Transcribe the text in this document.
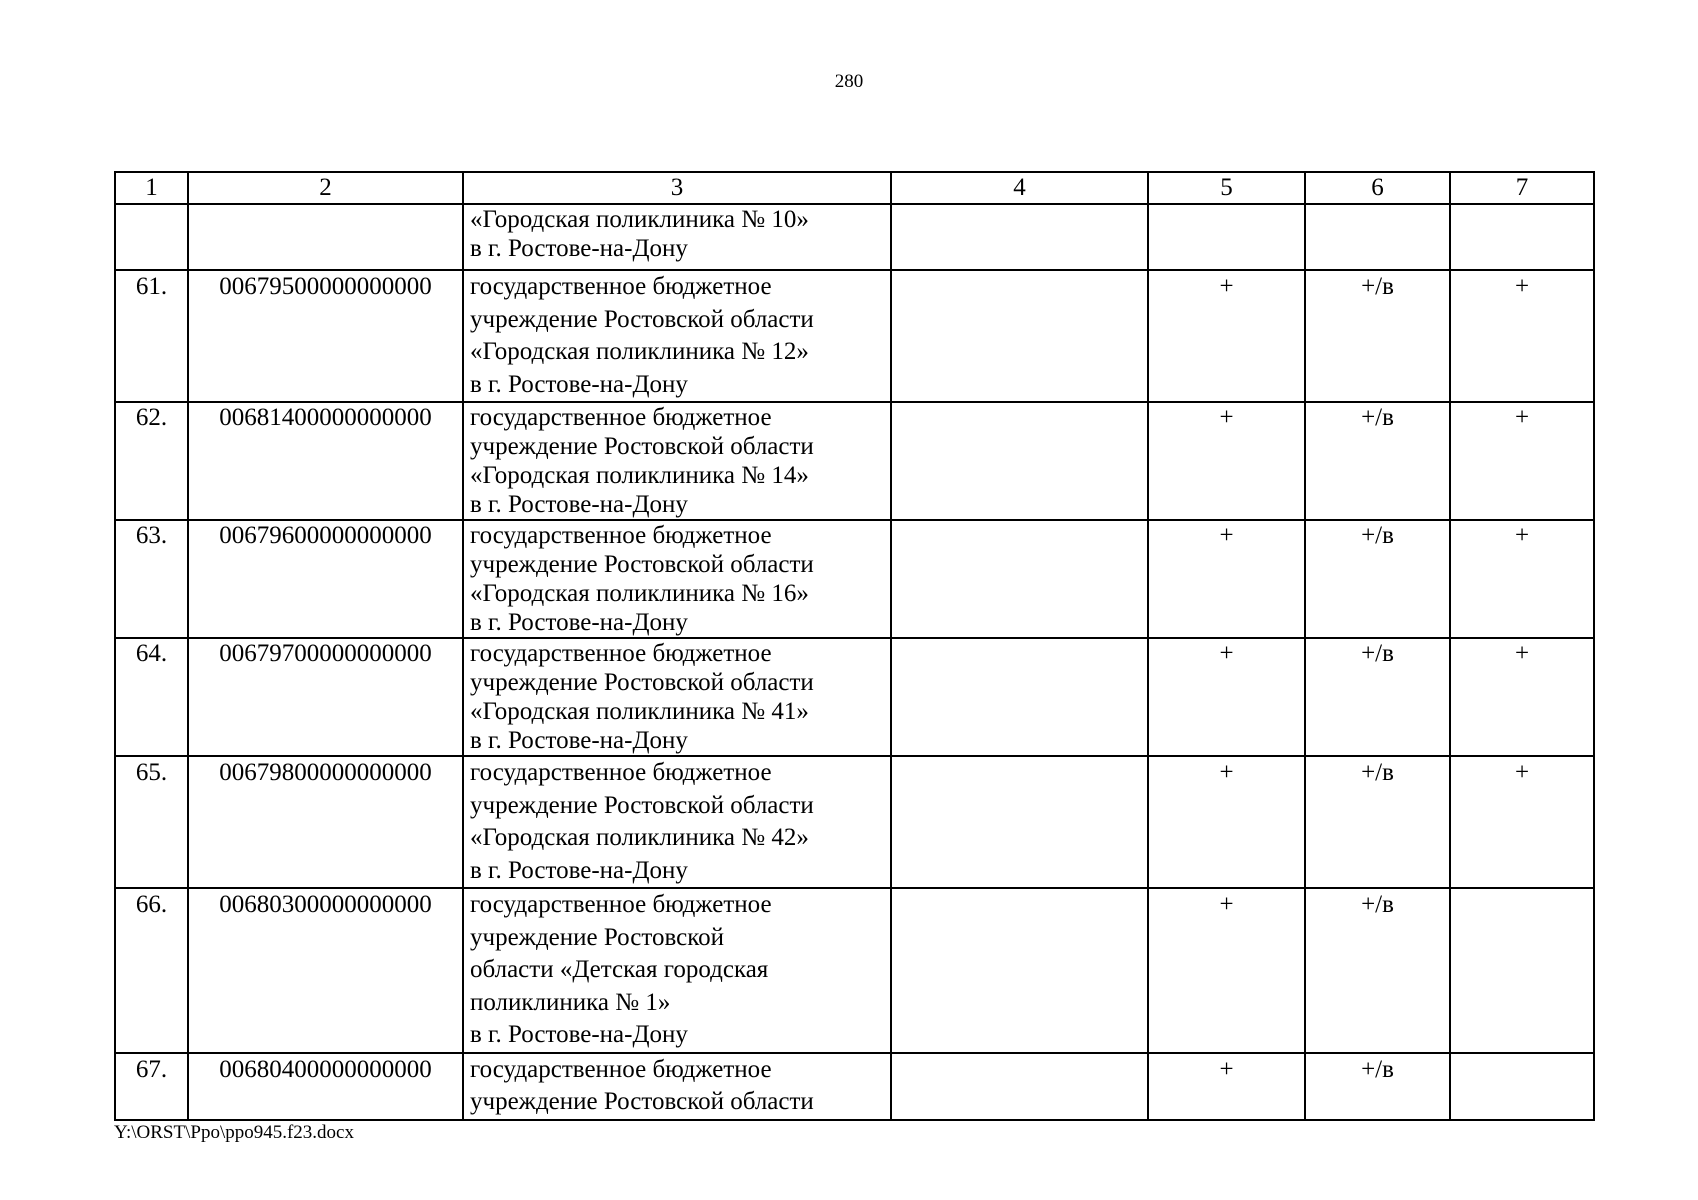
280
1	2	3	4	5	6	7

		«Городская поликлиника № 10»
в г. Ростове-на-Дону				

61.	00679500000000000	государственное бюджетное
учреждение Ростовской области
«Городская поликлиника № 12»
в г. Ростове-на-Дону		+	+/в	+
62.	00681400000000000	государственное бюджетное
учреждение Ростовской области
«Городская поликлиника № 14»
в г. Ростове-на-Дону		+	+/в	+
63.	00679600000000000	государственное бюджетное
учреждение Ростовской области
«Городская поликлиника № 16»
в г. Ростове-на-Дону		+	+/в	+
64.	00679700000000000	государственное бюджетное
учреждение Ростовской области
«Городская поликлиника № 41»
в г. Ростове-на-Дону		+	+/в	+
65.	00679800000000000	государственное бюджетное
учреждение Ростовской области
«Городская поликлиника № 42»
в г. Ростове-на-Дону		+	+/в	+
66.	00680300000000000	государственное бюджетное
учреждение Ростовской
области «Детская городская
поликлиника № 1»
в г. Ростове-на-Дону		+	+/в	
67.	00680400000000000	государственное бюджетное
учреждение Ростовской области		+	+/в	
Y:\ORST\Ppo\ppo945.f23.docx
